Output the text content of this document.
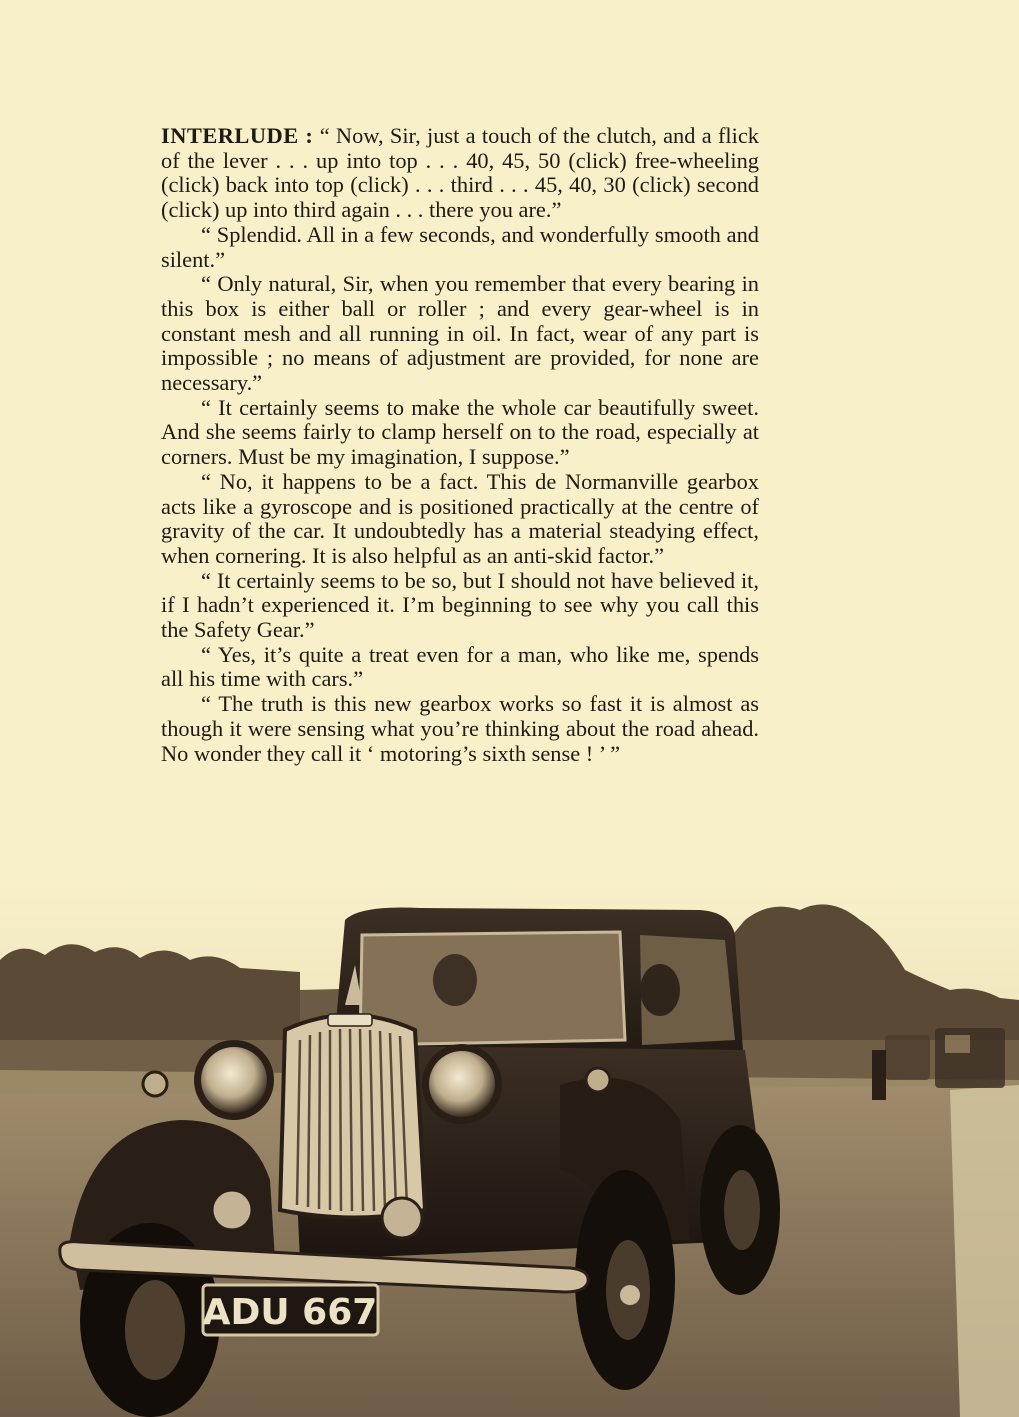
INTERLUDE : “ Now, Sir, just a touch of the clutch, and a flick of the lever . . . up into top . . . 40, 45, 50 (click) free-wheeling (click) back into top (click) . . . third . . . 45, 40, 30 (click) second (click) up into third again . . . there you are.”

“ Splendid. All in a few seconds, and wonderfully smooth and silent.”

“ Only natural, Sir, when you remember that every bearing in this box is either ball or roller ; and every gear-wheel is in constant mesh and all running in oil. In fact, wear of any part is impossible ; no means of adjustment are provided, for none are necessary.”

“ It certainly seems to make the whole car beautifully sweet. And she seems fairly to clamp herself on to the road, especially at corners. Must be my imagination, I suppose.”

“ No, it happens to be a fact. This de Normanville gearbox acts like a gyroscope and is positioned practically at the centre of gravity of the car. It undoubtedly has a material steadying effect, when cornering. It is also helpful as an anti-skid factor.”

“ It certainly seems to be so, but I should not have believed it, if I hadn’t experienced it. I’m beginning to see why you call this the Safety Gear.”

“ Yes, it’s quite a treat even for a man, who like me, spends all his time with cars.”

“ The truth is this new gearbox works so fast it is almost as though it were sensing what you’re thinking about the road ahead. No wonder they call it ‘ motoring’s sixth sense ! ’ ”

ADU 667
